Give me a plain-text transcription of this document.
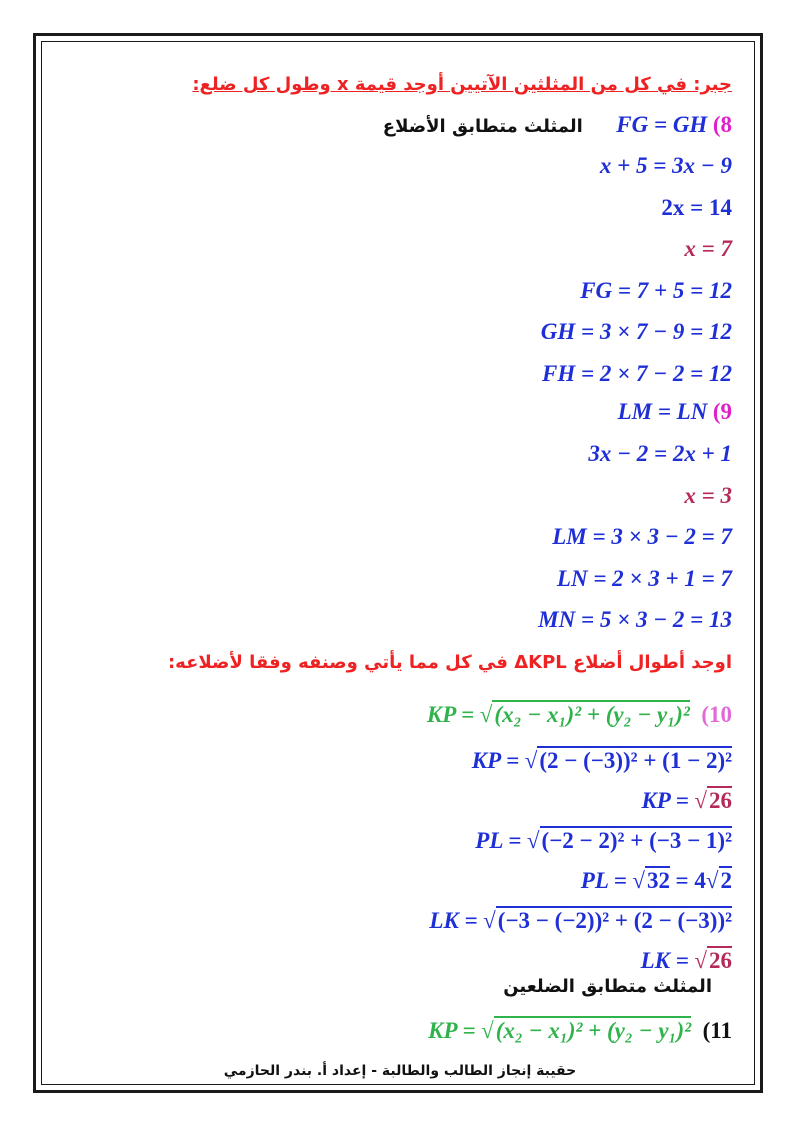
جبر: في كل من المثلثين الآتيين أوجد قيمة x وطول كل ضلع:
المثلث متطابق الأضلاع FG = GH (8
x + 5 = 3x − 9
2x = 14
x = 7
FG = 7 + 5 = 12
GH = 3 × 7 − 9 = 12
FH = 2 × 7 − 2 = 12
LM = LN (9
3x − 2 = 2x + 1
x = 3
LM = 3 × 3 − 2 = 7
LN = 2 × 3 + 1 = 7
MN = 5 × 3 − 2 = 13
اوجد أطوال أضلاع ΔKPL في كل مما يأتي وصنفه وفقا لأضلاعه:
KP = √(x₂ − x₁)² + (y₂ − y₁)² (10
KP = √(2 − (−3))² + (1 − 2)²
KP = √26
PL = √(−2 − 2)² + (−3 − 1)²
PL = √32 = 4√2
LK = √(−3 − (−2))² + (2 − (−3))²
LK = √26
المثلث متطابق الضلعين
KP = √(x₂ − x₁)² + (y₂ − y₁)² (11
حقيبة إنجاز الطالب والطالبة - إعداد أ. بندر الحازمي
